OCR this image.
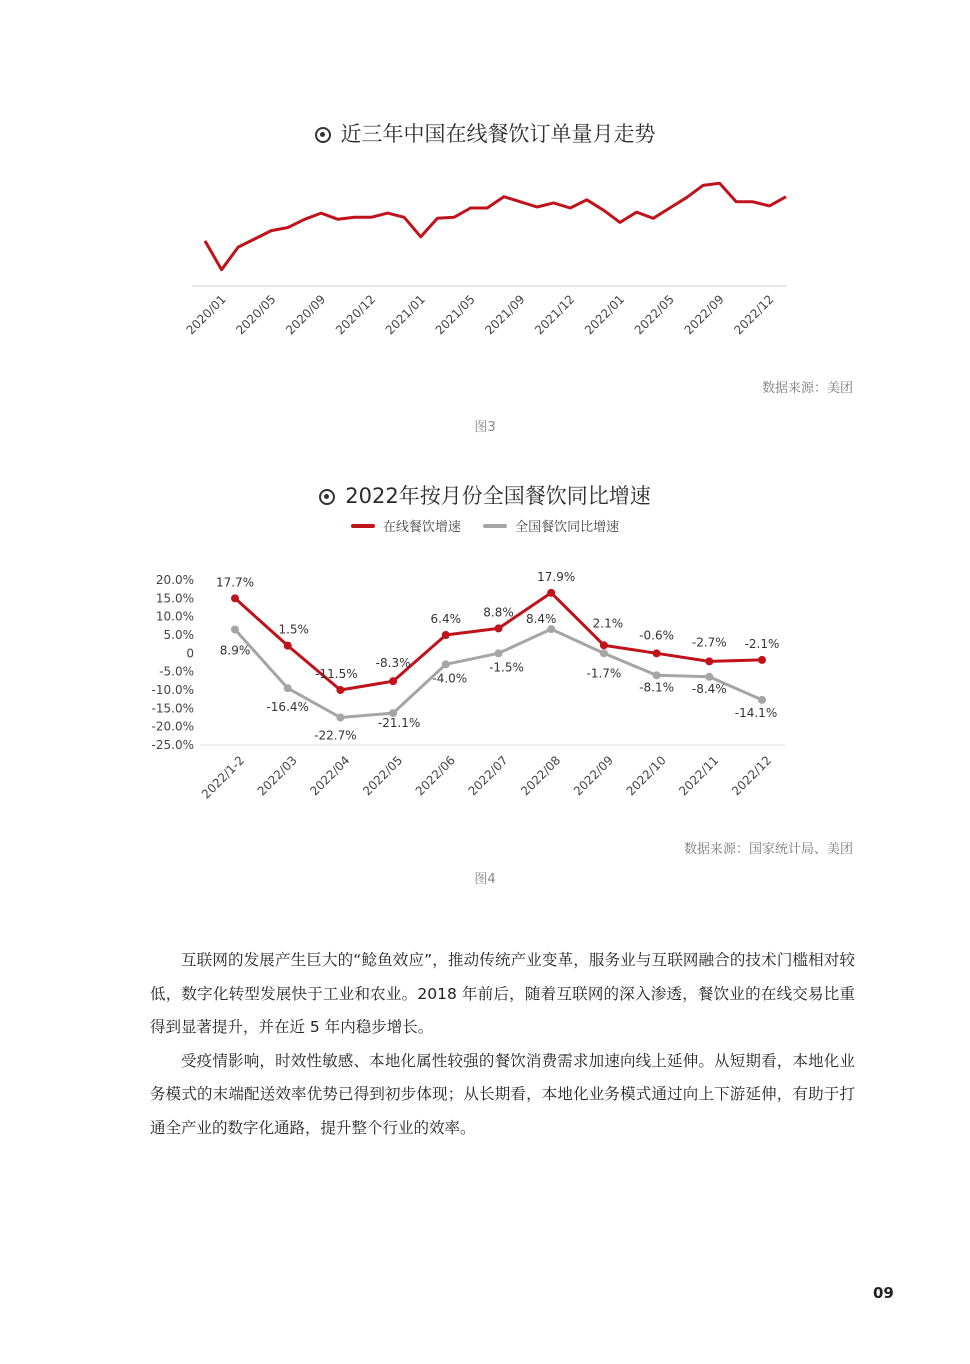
近三年中国在线餐饮订单量月走势
2020/01 2020/05 2020/09 2020/12 2021/01 2021/05 2021/09 2021/12 2022/01 2022/05 2022/09 2022/12
数据来源：美团
图3
2022年按月份全国餐饮同比增速
在线餐饮增速
	全国餐饮同比增速
20.0%
15.0%
10.0%
5.0%
0
-5.0%
-10.0%
-15.0%
-20.0%
-25.0%
17.7%
1.5%
-11.5%
-8.3%
6.4% 8.8%
17.9%
2.1%
-0.6%
-2.7% -2.1%
8.9%
-16.4%
-22.7%
-21.1%
-4.0%
-1.5%
8.4%
-1.7%
-8.1% -8.4%
-14.1%
2022/1-2 2022/03 2022/04 2022/05 2022/06 2022/07 2022/08 2022/09 2022/10 2022/11 2022/12
数据来源：国家统计局、美团
图4

互联网的发展产生巨大的“鲶鱼效应”，推动传统产业变革，服务业与互联网融合的技术门槛相对较低，数字化转型发展快于工业和农业。2018 年前后，随着互联网的深入渗透，餐饮业的在线交易比重得到显著提升，并在近 5 年内稳步增长。

受疫情影响，时效性敏感、本地化属性较强的餐饮消费需求加速向线上延伸。从短期看，本地化业务模式的末端配送效率优势已得到初步体现；从长期看，本地化业务模式通过向上下游延伸，有助于打通全产业的数字化通路，提升整个行业的效率。

09
